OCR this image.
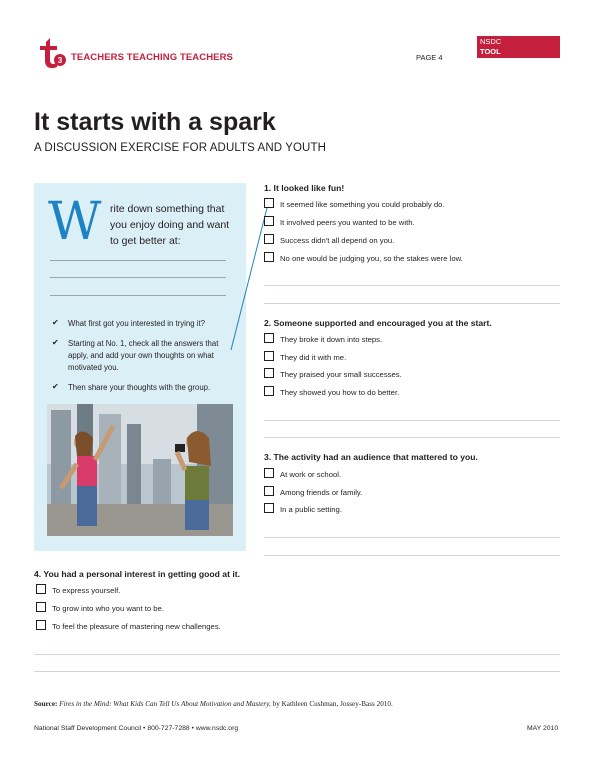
3 TEACHERS TEACHING TEACHERS	PAGE 4
NSDC
TOOL
It starts with a spark
A DISCUSSION EXERCISE FOR ADULTS AND YOUTH
W rite down something that you enjoy doing and want to get better at:
✔ What first got you interested in trying it?
✔ Starting at No. 1, check all the answers that apply, and add your own thoughts on what motivated you.
✔ Then share your thoughts with the group.
1. It looked like fun!
It seemed like something you could probably do.
It involved peers you wanted to be with.
Success didn't all depend on you.
No one would be judging you, so the stakes were low.
2. Someone supported and encouraged you at the start.
They broke it down into steps.
They did it with me.
They praised your small successes.
They showed you how to do better.
3. The activity had an audience that mattered to you.
At work or school.
Among friends or family.
In a public setting.
4. You had a personal interest in getting good at it.
To express yourself.
To grow into who you want to be.
To feel the pleasure of mastering new challenges.
Source: Fires in the Mind: What Kids Can Tell Us About Motivation and Mastery, by Kathleen Cushman, Jossey-Bass 2010.
National Staff Development Council • 800-727-7288 • www.nsdc.org	MAY 2010
